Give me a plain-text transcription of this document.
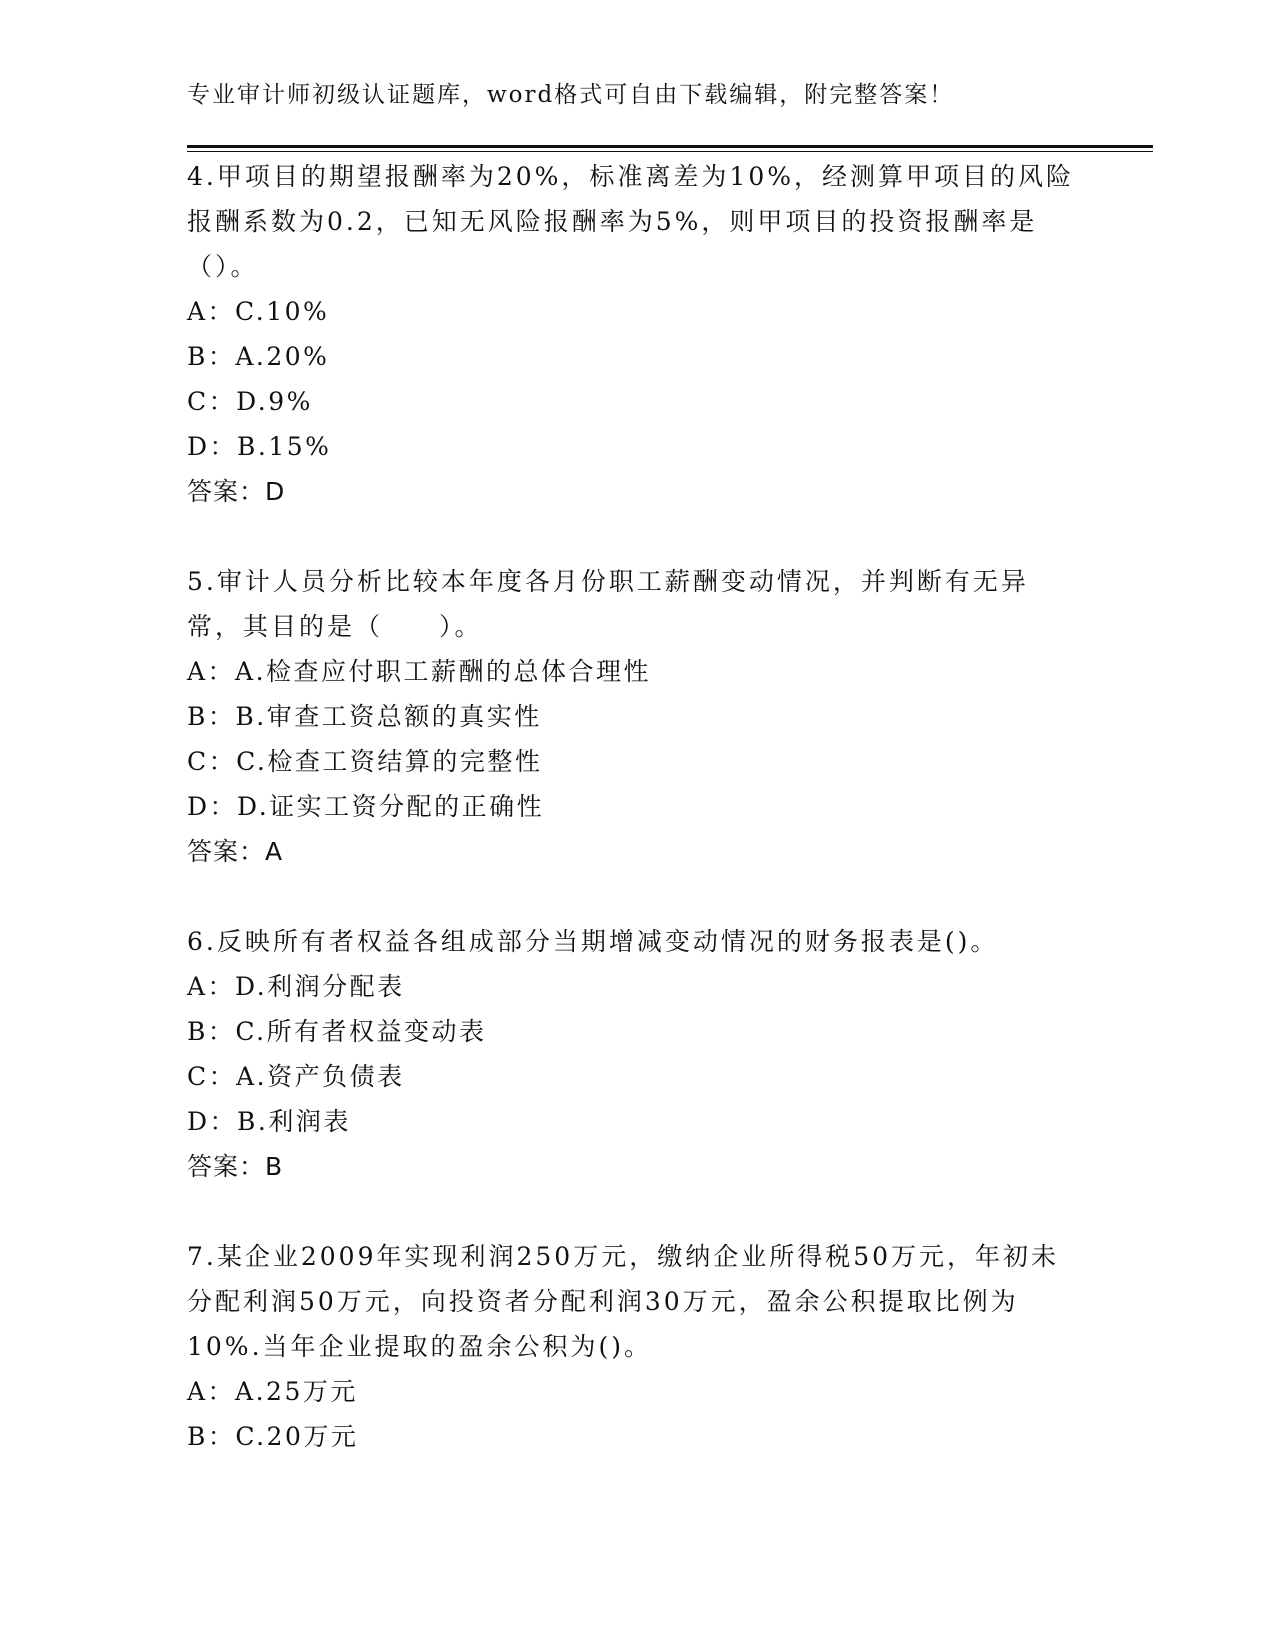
专业审计师初级认证题库，word格式可自由下载编辑，附完整答案！

4.甲项目的期望报酬率为20%，标准离差为10%，经测算甲项目的风险报酬系数为0.2，已知无风险报酬率为5%，则甲项目的投资报酬率是（）。

A：C.10%

B：A.20%

C：D.9%

D：B.15%

答案：D

5.审计人员分析比较本年度各月份职工薪酬变动情况，并判断有无异常，其目的是（　　）。

A：A.检查应付职工薪酬的总体合理性

B：B.审查工资总额的真实性

C：C.检查工资结算的完整性

D：D.证实工资分配的正确性

答案：A

6.反映所有者权益各组成部分当期增减变动情况的财务报表是()。

A：D.利润分配表

B：C.所有者权益变动表

C：A.资产负债表

D：B.利润表

答案：B

7.某企业2009年实现利润250万元，缴纳企业所得税50万元，年初未分配利润50万元，向投资者分配利润30万元，盈余公积提取比例为10%.当年企业提取的盈余公积为()。

A：A.25万元

B：C.20万元
